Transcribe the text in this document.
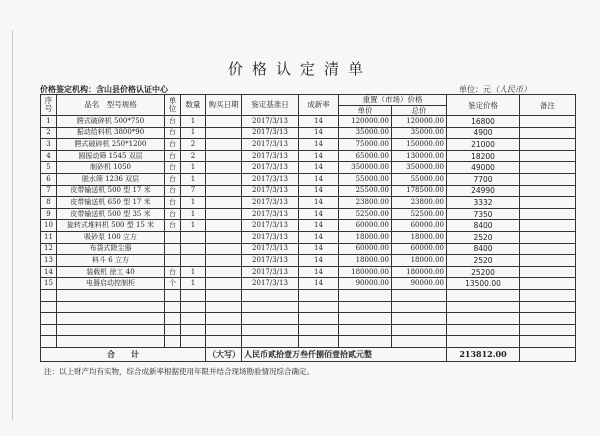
价格认定清单
价格鉴定机构：含山县价格认证中心	单位：元（人民币）
序号	品名　型号规格	单位	数量	购买日期	鉴定基准日	成新率	重置（市场）价格		鉴定价格	备注
							单价	总价		
1	腭式破碎机 500*750	台	1		2017/3/13	14	120000.00	120000.00	16800	
2	振动给料机 3800*90	台	1		2017/3/13	14	35000.00	35000.00	4900	
3	腭式破碎机 250*1200	台	2		2017/3/13	14	75000.00	150000.00	21000	
4	圆振动筛 1545 双层	台	2		2017/3/13	14	65000.00	130000.00	18200	
5	制砂机 1050	台	1		2017/3/13	14	350000.00	350000.00	49000	
6	脱水筛 1236 双层	台	1		2017/3/13	14	55000.00	55000.00	7700	
7	皮带输送机 500 型 17 米	台	7		2017/3/13	14	25500.00	178500.00	24990	
8	皮带输送机 650 型 17 米	台	1		2017/3/13	14	23800.00	23800.00	3332	
9	皮带输送机 500 型 35 米	台	1		2017/3/13	14	52500.00	52500.00	7350	
10	旋转式堆料机 500 型 15 米	台	1		2017/3/13	14	60000.00	60000.00	8400	
11	吸砂泵 100 立方				2017/3/13	14	18000.00	18000.00	2520	
12	布袋式除尘器				2017/3/13	14	60000.00	60000.00	8400	
13	料斗 6 立方				2017/3/13	14	18000.00	18000.00	2520	
14	装载机 徐工 40	台	1		2017/3/13	14	180000.00	180000.00	25200	
15	电器启动控制柜	个	1		2017/3/13	14	90000.00	90000.00	13500.00	

合　　计				（大写）	人民币贰拾壹万叁仟捌佰壹拾贰元整				213812.00	
注：以上财产均有实物，综合成新率根据使用年限并结合现场勘验情况综合确定。
